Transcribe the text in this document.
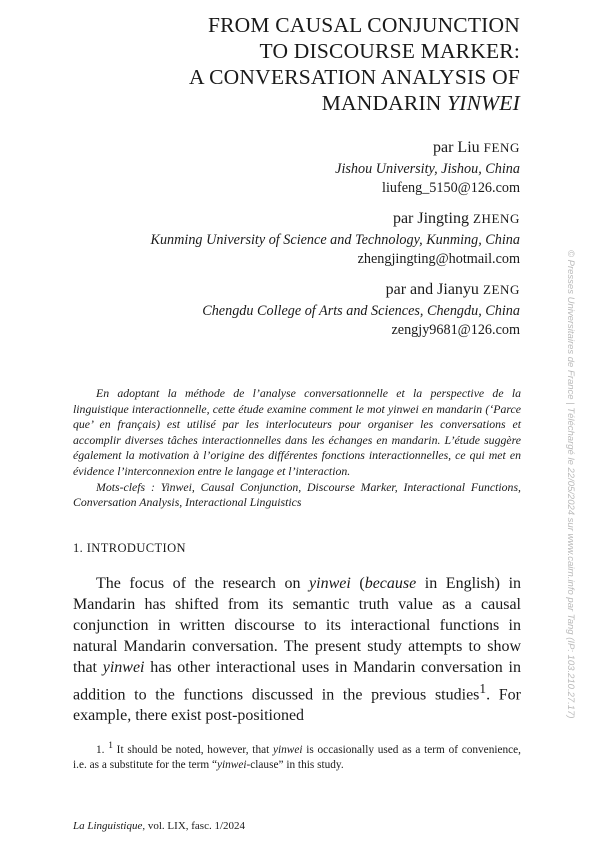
FROM CAUSAL CONJUNCTION
TO DISCOURSE MARKER:
A CONVERSATION ANALYSIS OF
MANDARIN YINWEI
par Liu FENG
Jishou University, Jishou, China
liufeng_5150@126.com
par Jingting ZHENG
Kunming University of Science and Technology, Kunming, China
zhengjingting@hotmail.com
par and Jianyu ZENG
Chengdu College of Arts and Sciences, Chengdu, China
zengjy9681@126.com

En adoptant la méthode de l’analyse conversationnelle et la perspective de la linguistique interactionnelle, cette étude examine comment le mot yinwei en mandarin (‘Parce que’ en français) est utilisé par les interlocuteurs pour organiser les conversations et accomplir diverses tâches interactionnelles dans les échanges en mandarin. L’étude suggère également la motivation à l’origine des différentes fonctions interactionnelles, ce qui met en évidence l’interconnexion entre le langage et l’interaction.

Mots-clefs : Yinwei, Causal Conjunction, Discourse Marker, Interactional Functions, Conversation Analysis, Interactional Linguistics

1. INTRODUCTION

The focus of the research on yinwei (because in English) in Mandarin has shifted from its semantic truth value as a causal conjunction in written discourse to its interactional functions in natural Mandarin conversation. The present study attempts to show that yinwei has other interactional uses in Mandarin conversation in addition to the functions discussed in the previous studies$^1$. For example, there exist post-positioned

1. $^1$ It should be noted, however, that yinwei is occasionally used as a term of convenience, i.e. as a substitute for the term “yinwei-clause” in this study.

La Linguistique, vol. LIX, fasc. 1/2024
© Presses Universitaires de France | Téléchargé le 22/05/2024 sur www.cairn.info par Tang (IP: 103.210.27.17)
